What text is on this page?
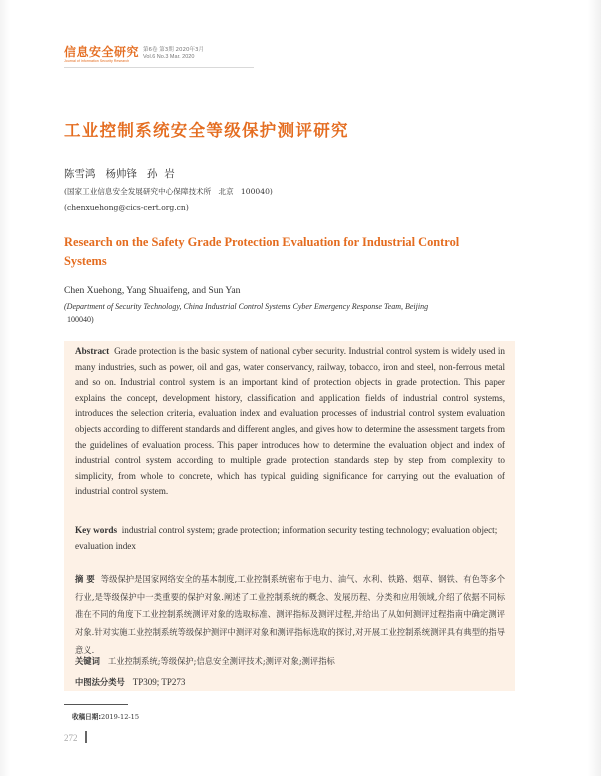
信息安全研究
Journal of Information Security Research
第6卷 第3期 2020年3月
Vol.6 No.3 Mar. 2020
工业控制系统安全等级保护测评研究
陈雪鸿   杨帅锋   孙  岩
(国家工业信息安全发展研究中心保障技术所   北京   100040)
(chenxuehong@cics-cert.org.cn)
Research on the Safety Grade Protection Evaluation for Industrial Control Systems
Chen Xuehong, Yang Shuaifeng, and Sun Yan
(Department of Security Technology, China Industrial Control Systems Cyber Emergency Response Team, Beijing
100040)
Abstract Grade protection is the basic system of national cyber security. Industrial control system is widely used in many industries, such as power, oil and gas, water conservancy, railway, tobacco, iron and steel, non-ferrous metal and so on. Industrial control system is an important kind of protection objects in grade protection. This paper explains the concept, development history, classification and application fields of industrial control systems, introduces the selection criteria, evaluation index and evaluation processes of industrial control system evaluation objects according to different standards and different angles, and gives how to determine the assessment targets from the guidelines of evaluation process. This paper introduces how to determine the evaluation object and index of industrial control system according to multiple grade protection standards step by step from complexity to simplicity, from whole to concrete, which has typical guiding significance for carrying out the evaluation of industrial control system.
Key words industrial control system; grade protection; information security testing technology; evaluation object; evaluation index
摘 要 等级保护是国家网络安全的基本制度,工业控制系统密布于电力、油气、水利、铁路、烟草、钢铁、有色等多个行业,是等级保护中一类重要的保护对象.阐述了工业控制系统的概念、发展历程、分类和应用领域,介绍了依据不同标准在不同的角度下工业控制系统测评对象的选取标准、测评指标及测评过程,并给出了从如何测评过程指南中确定测评对象.针对实施工业控制系统等级保护测评中测评对象和测评指标选取的探讨,对开展工业控制系统测评具有典型的指导意义.
关键词 工业控制系统;等级保护;信息安全测评技术;测评对象;测评指标
中图法分类号 TP309; TP273
收稿日期:2019-12-15
272
